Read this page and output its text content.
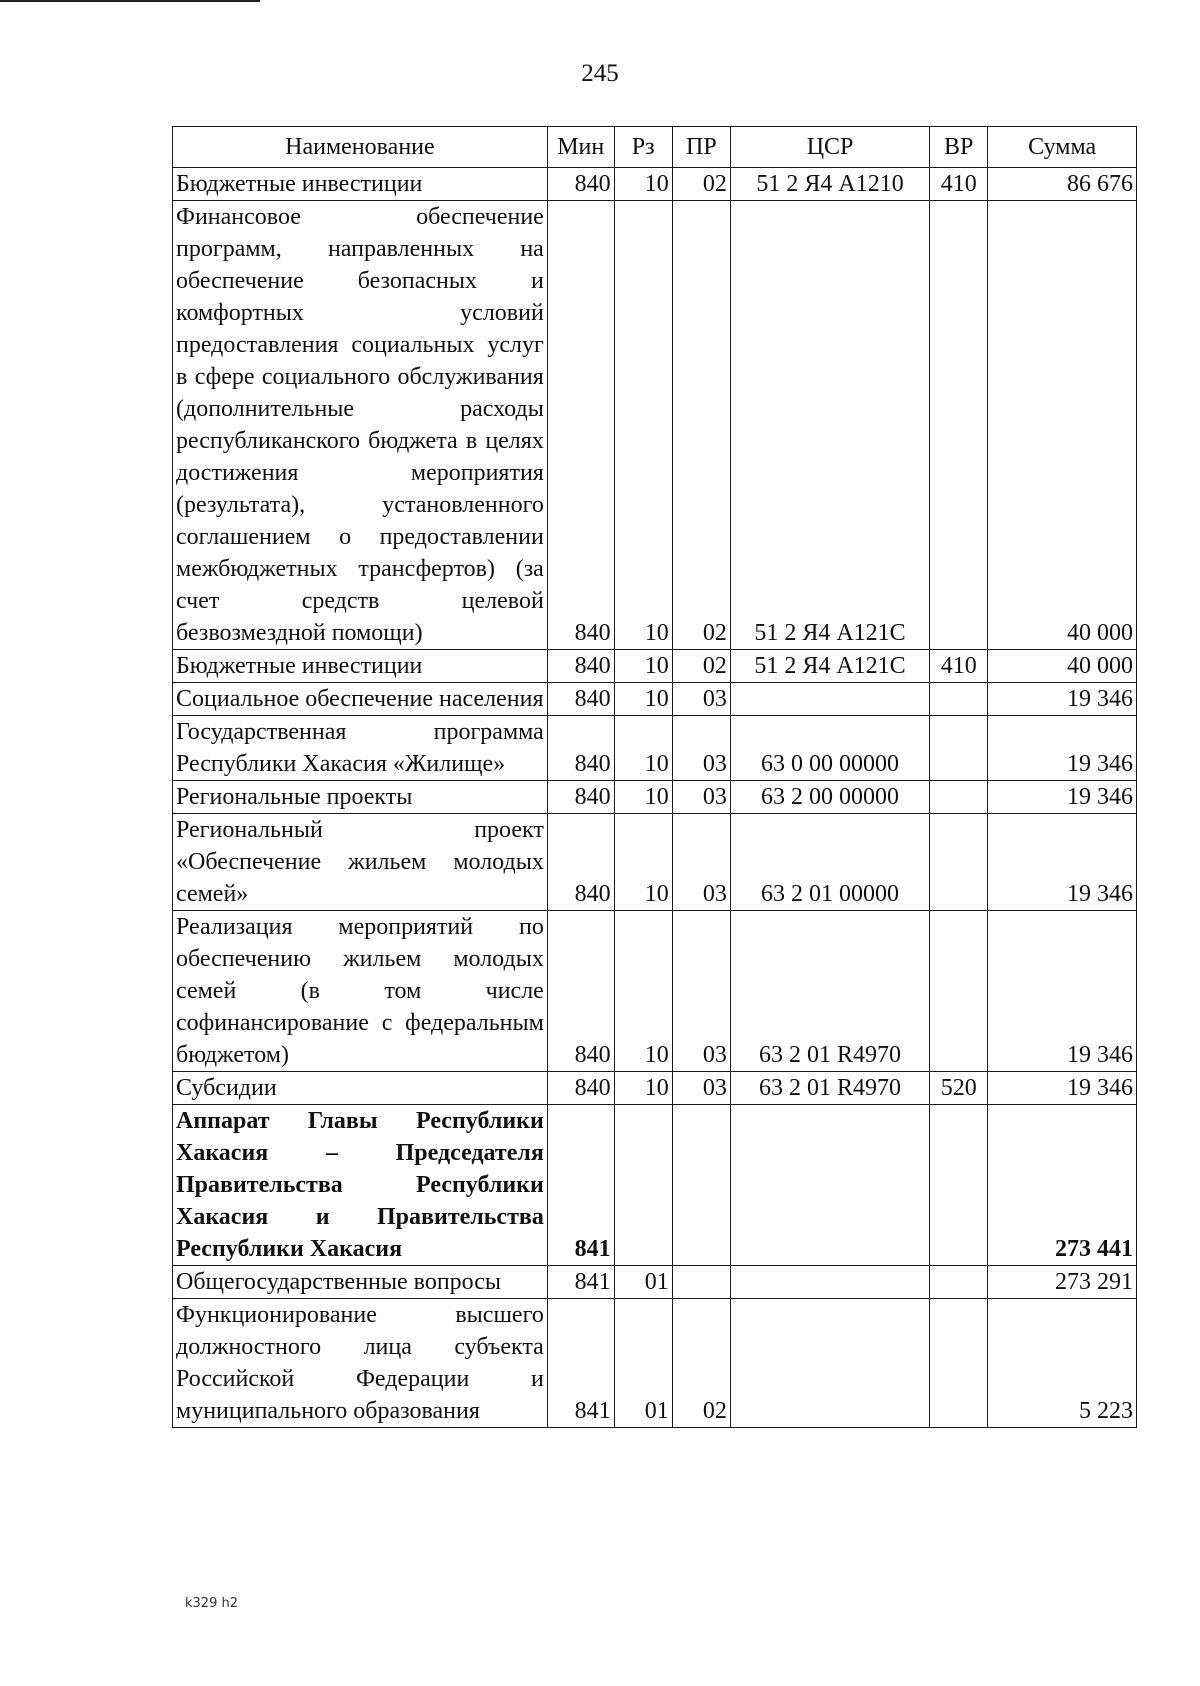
245
Наименование	Мин	Рз	ПР	ЦСР	ВР	Сумма
Бюджетные инвестиции	840	10	02	51 2 Я4 А1210	410	86 676
Финансовое обеспечение программ, направленных на обеспечение безопасных и комфортных условий предоставления социальных услуг в сфере социального обслуживания (дополнительные расходы республиканского бюджета в целях достижения мероприятия (результата), установленного соглашением о предоставлении межбюджетных трансфертов) (за счет средств целевой безвозмездной помощи)	840	10	02	51 2 Я4 А121С		40 000
Бюджетные инвестиции	840	10	02	51 2 Я4 А121С	410	40 000
Социальное обеспечение населения	840	10	03			19 346
Государственная программа Республики Хакасия «Жилище»	840	10	03	63 0 00 00000		19 346
Региональные проекты	840	10	03	63 2 00 00000		19 346
Региональный проект «Обеспечение жильем молодых семей»	840	10	03	63 2 01 00000		19 346
Реализация мероприятий по обеспечению жильем молодых семей (в том числе софинансирование с федеральным бюджетом)	840	10	03	63 2 01 R4970		19 346
Субсидии	840	10	03	63 2 01 R4970	520	19 346
Аппарат Главы Республики Хакасия – Председателя Правительства Республики Хакасия и Правительства Республики Хакасия	841					273 441
Общегосударственные вопросы	841	01				273 291
Функционирование высшего должностного лица субъекта Российской Федерации и муниципального образования	841	01	02			5 223
k329 h2
